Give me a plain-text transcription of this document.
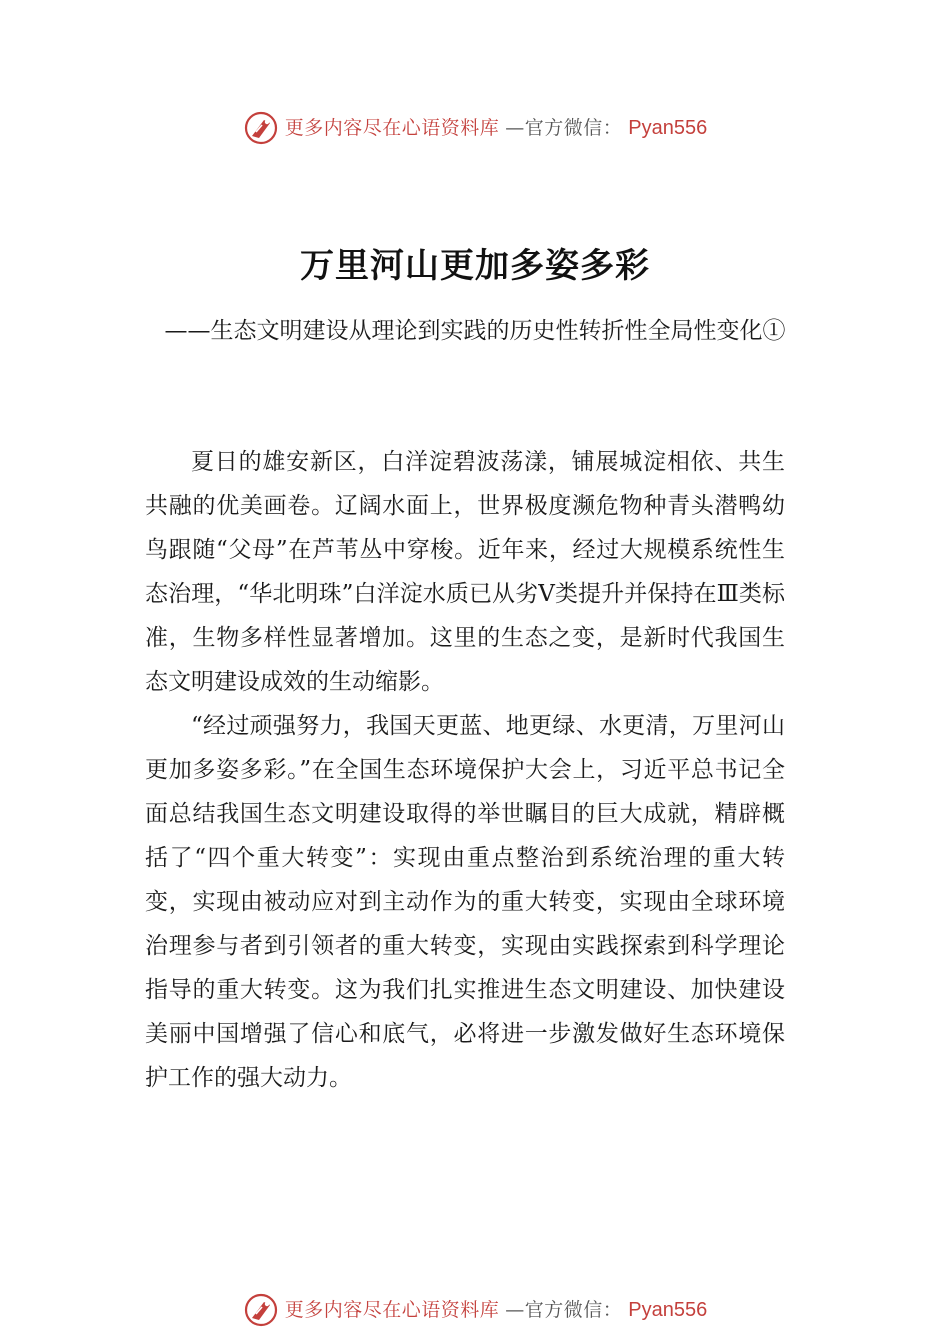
更多内容尽在心语资料库 —官方微信： Pyan556
万里河山更加多姿多彩

——生态文明建设从理论到实践的历史性转折性全局性变化①

夏日的雄安新区，白洋淀碧波荡漾，铺展城淀相依、共生共融的优美画卷。辽阔水面上，世界极度濒危物种青头潜鸭幼鸟跟随“父母”在芦苇丛中穿梭。近年来，经过大规模系统性生态治理，“华北明珠”白洋淀水质已从劣Ⅴ类提升并保持在Ⅲ类标准，生物多样性显著增加。这里的生态之变，是新时代我国生态文明建设成效的生动缩影。

“经过顽强努力，我国天更蓝、地更绿、水更清，万里河山更加多姿多彩。”在全国生态环境保护大会上，习近平总书记全面总结我国生态文明建设取得的举世瞩目的巨大成就，精辟概括了“四个重大转变”：实现由重点整治到系统治理的重大转变，实现由被动应对到主动作为的重大转变，实现由全球环境治理参与者到引领者的重大转变，实现由实践探索到科学理论指导的重大转变。这为我们扎实推进生态文明建设、加快建设美丽中国增强了信心和底气，必将进一步激发做好生态环境保护工作的强大动力。

更多内容尽在心语资料库 —官方微信： Pyan556
